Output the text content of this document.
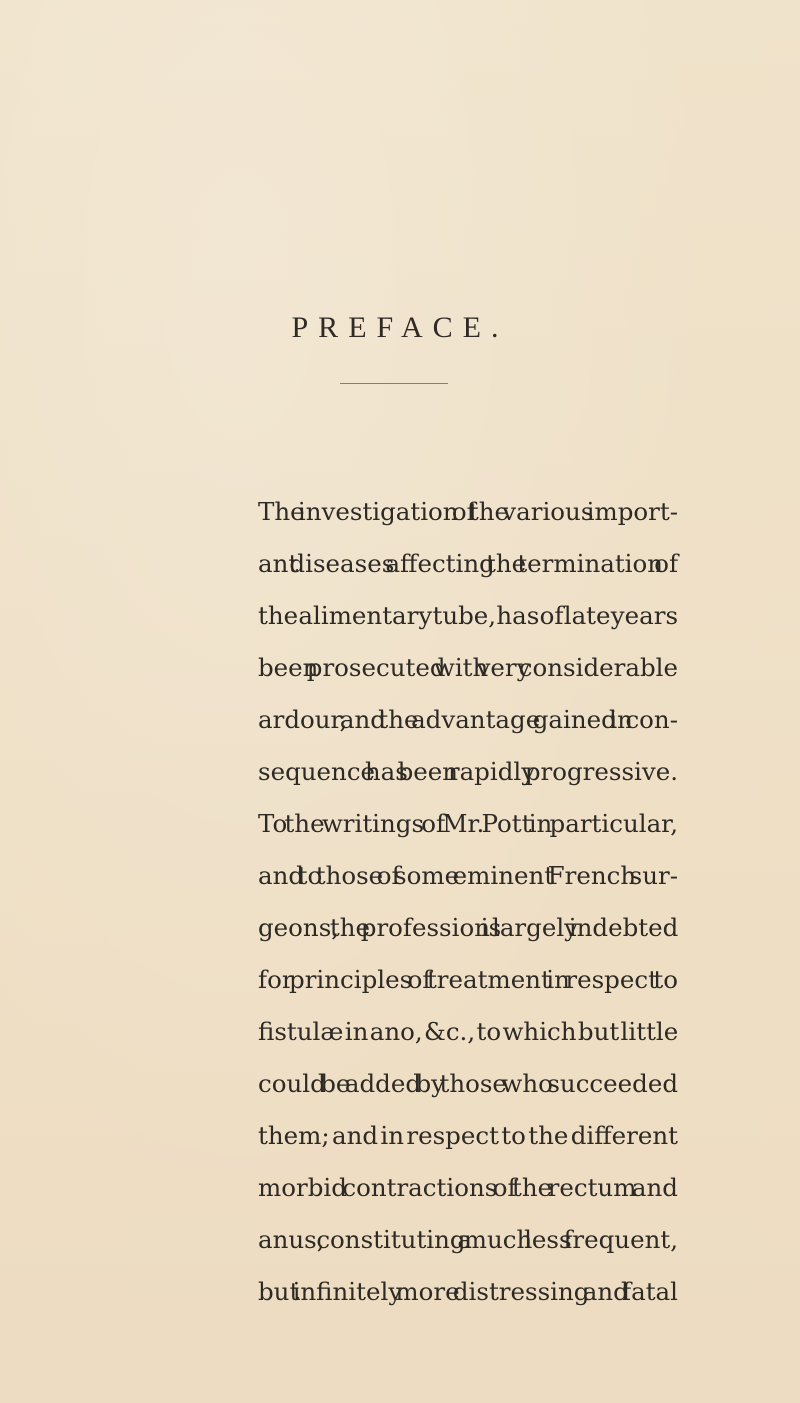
PREFACE.
The investigation of the various import-
ant diseases affecting the termination of
the alimentary tube, has of late years
been prosecuted with very considerable
ardour, and the advantage gained in con-
sequence has been rapidly progressive.
To the writings of Mr. Pott in particular,
and to those of some eminent French sur-
geons, the profession is largely indebted
for principles of treatment in respect to
fistulæ in ano, &c., to which but little
could be added by those who succeeded
them; and in respect to the different
morbid contractions of the rectum and
anus, constituting a much less frequent,
but infinitely more distressing and fatal
